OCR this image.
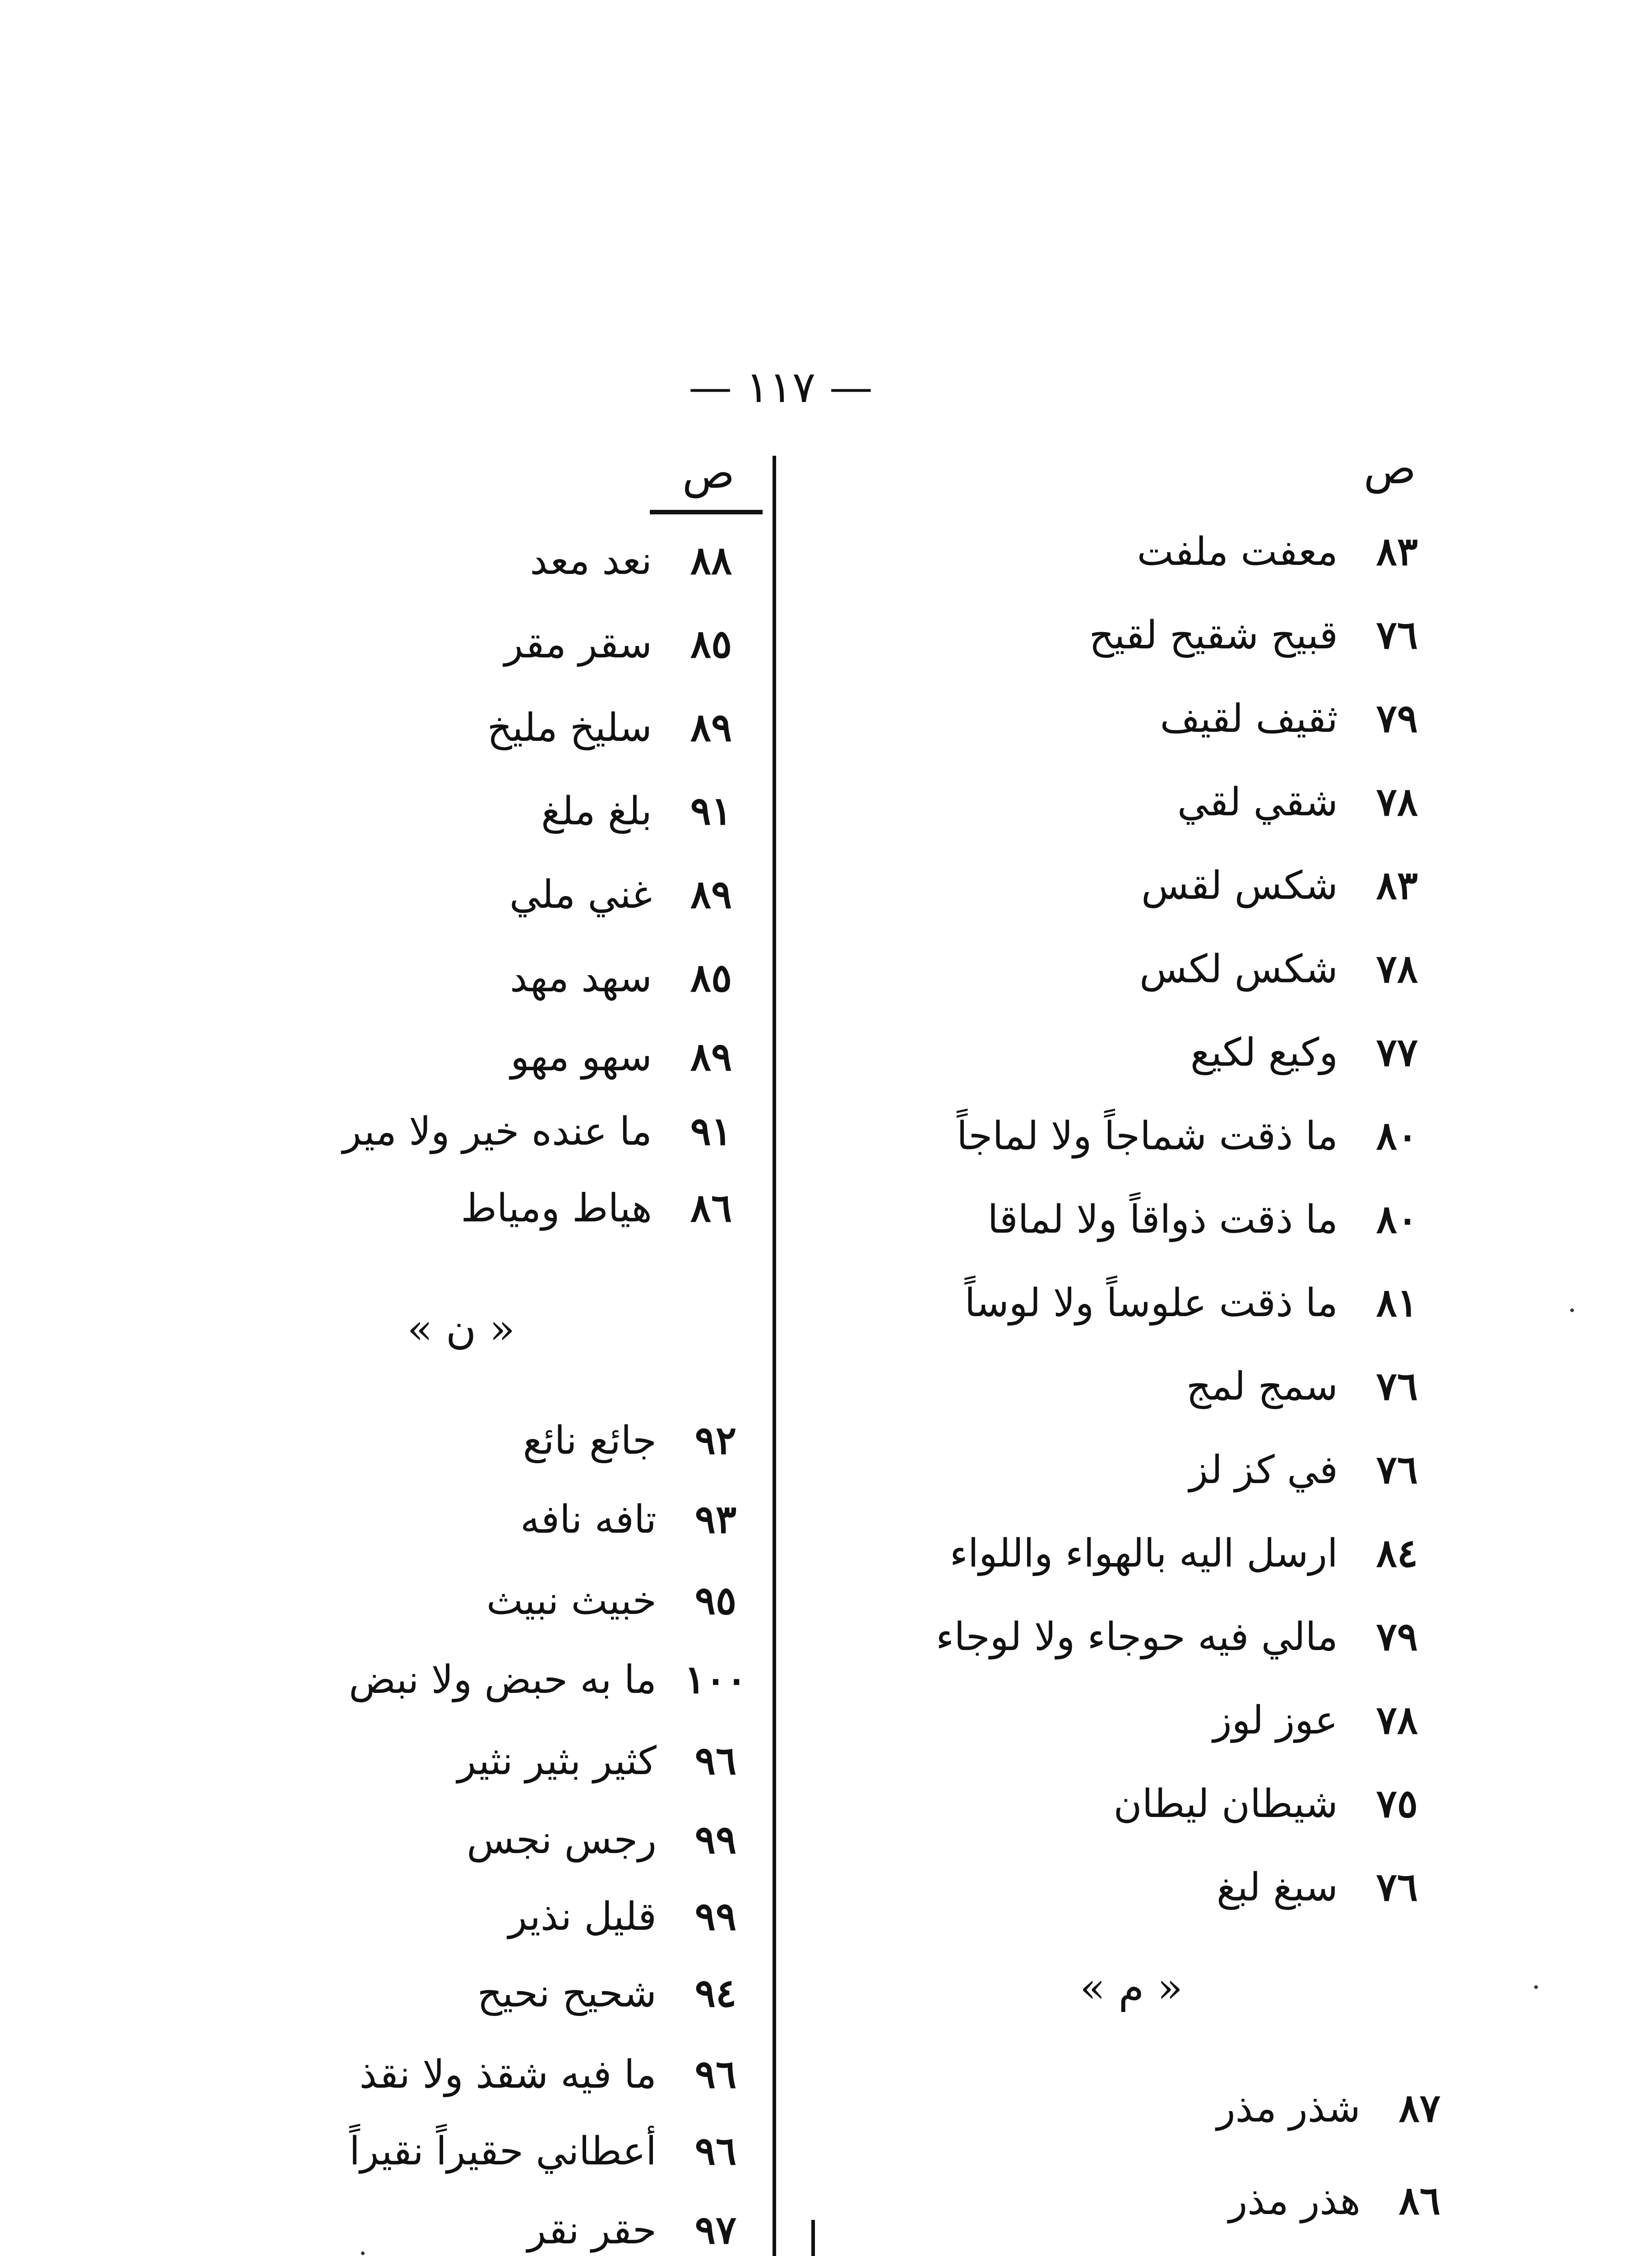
— ١١٧ —
ص
ص
٨٣معفت ملفت
٧٦قبيح شقيح لقيح
٧٩ثقيف لقيف
٧٨شقي لقي
٨٣شكس لقس
٧٨شكس لكس
٧٧وكيع لكيع
٨٠ما ذقت شماجاً ولا لماجاً
٨٠ما ذقت ذواقاً ولا لماقا
٨١ما ذقت علوساً ولا لوساً
٧٦سمج لمج
٧٦في كز لز
٨٤ارسل اليه بالهواء واللواء
٧٩مالي فيه حوجاء ولا لوجاء
٧٨عوز لوز
٧٥شيطان ليطان
٧٦سبغ لبغ
« م »
٨٧شذر مذر
٨٦هذر مذر
٨٨نعد معد
٨٥سقر مقر
٨٩سليخ مليخ
٩١بلغ ملغ
٨٩غني ملي
٨٥سهد مهد
٨٩سهو مهو
٩١ما عنده خير ولا مير
٨٦هياط ومياط
« ن »
٩٢جائع نائع
٩٣تافه نافه
٩٥خبيث نبيث
١٠٠ما به حبض ولا نبض
٩٦كثير بثير نثير
٩٩رجس نجس
٩٩قليل نذير
٩٤شحيح نحيح
٩٦ما فيه شقذ ولا نقذ
٩٦أعطاني حقيراً نقيراً
٩٧حقر نقر
